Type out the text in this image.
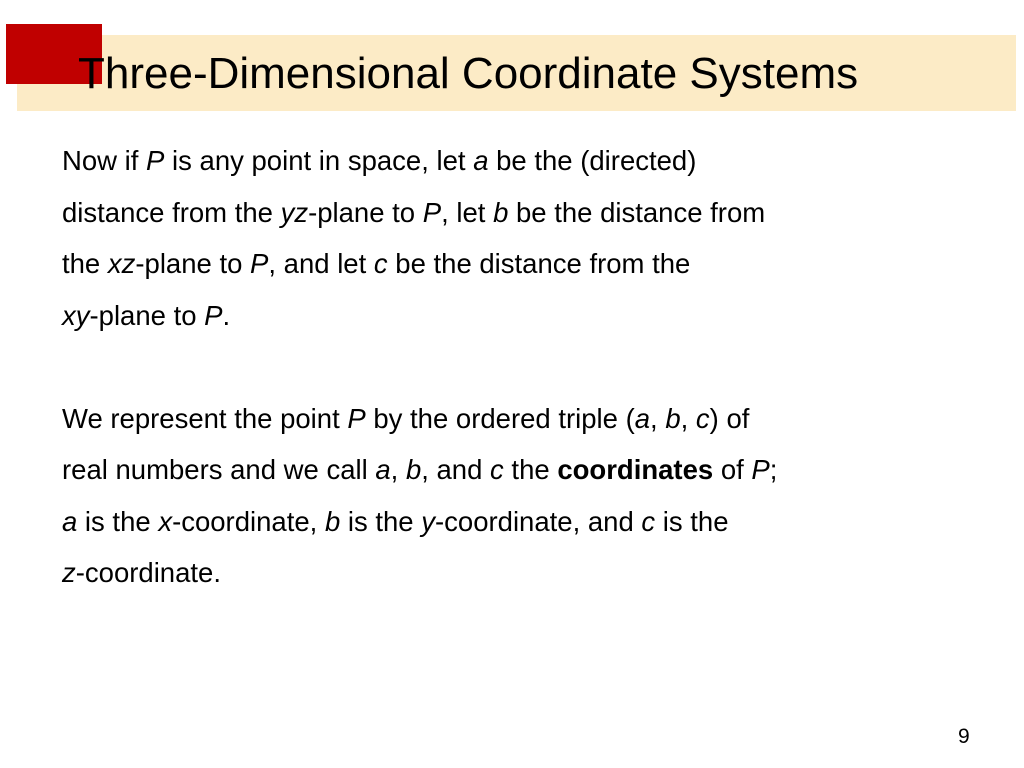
Three-Dimensional Coordinate Systems

Now if P is any point in space, let a be the (directed)
distance from the yz-plane to P, let b be the distance from
the xz-plane to P, and let c be the distance from the
xy-plane to P.

We represent the point P by the ordered triple (a, b, c) of
real numbers and we call a, b, and c the coordinates of P;
a is the x-coordinate, b is the y-coordinate, and c is the
z-coordinate.

9
